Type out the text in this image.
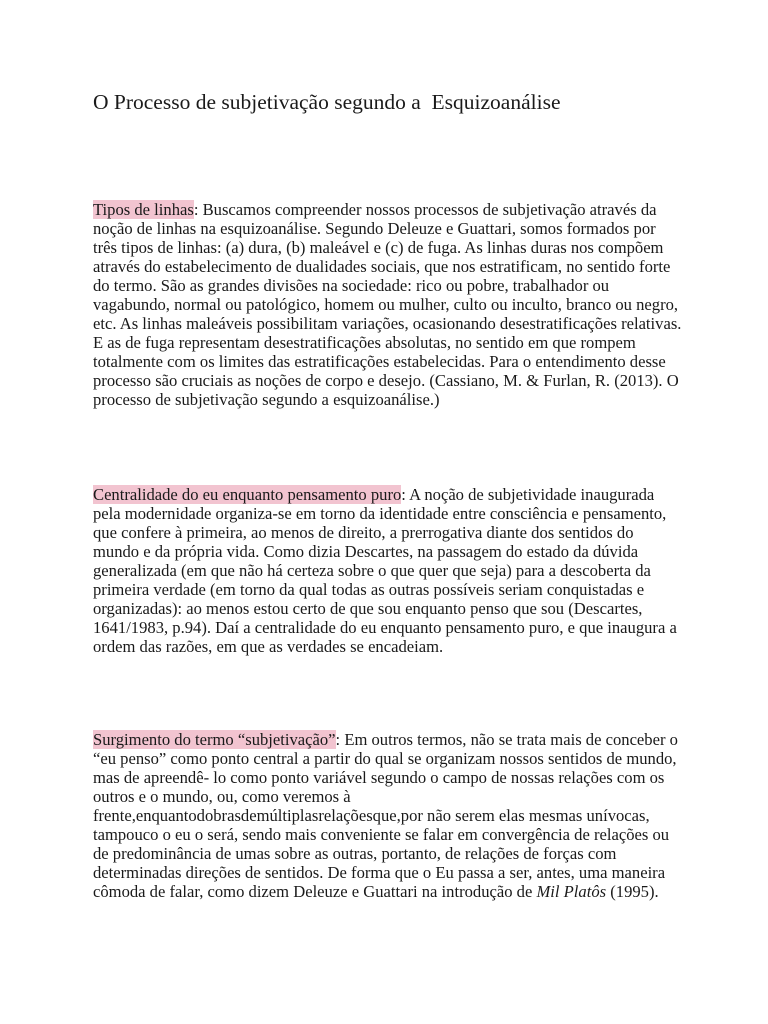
O Processo de subjetivação segundo a  Esquizoanálise

Tipos de linhas: Buscamos compreender nossos processos de subjetivação através da noção de linhas na esquizoanálise. Segundo Deleuze e Guattari, somos formados por três tipos de linhas: (a) dura, (b) maleável e (c) de fuga. As linhas duras nos compõem através do estabelecimento de dualidades sociais, que nos estratificam, no sentido forte do termo. São as grandes divisões na sociedade: rico ou pobre, trabalhador ou vagabundo, normal ou patológico, homem ou mulher, culto ou inculto, branco ou negro, etc. As linhas maleáveis possibilitam variações, ocasionando desestratificações relativas. E as de fuga representam desestratificações absolutas, no sentido em que rompem totalmente com os limites das estratificações estabelecidas. Para o entendimento desse processo são cruciais as noções de corpo e desejo. (Cassiano, M. & Furlan, R. (2013). O processo de subjetivação segundo a esquizoanálise.)

Centralidade do eu enquanto pensamento puro: A noção de subjetividade inaugurada pela modernidade organiza-se em torno da identidade entre consciência e pensamento, que confere à primeira, ao menos de direito, a prerrogativa diante dos sentidos do mundo e da própria vida. Como dizia Descartes, na passagem do estado da dúvida generalizada (em que não há certeza sobre o que quer que seja) para a descoberta da primeira verdade (em torno da qual todas as outras possíveis seriam conquistadas e organizadas): ao menos estou certo de que sou enquanto penso que sou (Descartes, 1641/1983, p.94). Daí a centralidade do eu enquanto pensamento puro, e que inaugura a ordem das razões, em que as verdades se encadeiam.

Surgimento do termo “subjetivação”: Em outros termos, não se trata mais de conceber o “eu penso” como ponto central a partir do qual se organizam nossos sentidos de mundo, mas de apreendê- lo como ponto variável segundo o campo de nossas relações com os outros e o mundo, ou, como veremos à frente,enquantodobrasdemúltiplasrelaçõesque,por não serem elas mesmas unívocas, tampouco o eu o será, sendo mais conveniente se falar em convergência de relações ou de predominância de umas sobre as outras, portanto, de relações de forças com determinadas direções de sentidos. De forma que o Eu passa a ser, antes, uma maneira cômoda de falar, como dizem Deleuze e Guattari na introdução de Mil Platôs (1995).
